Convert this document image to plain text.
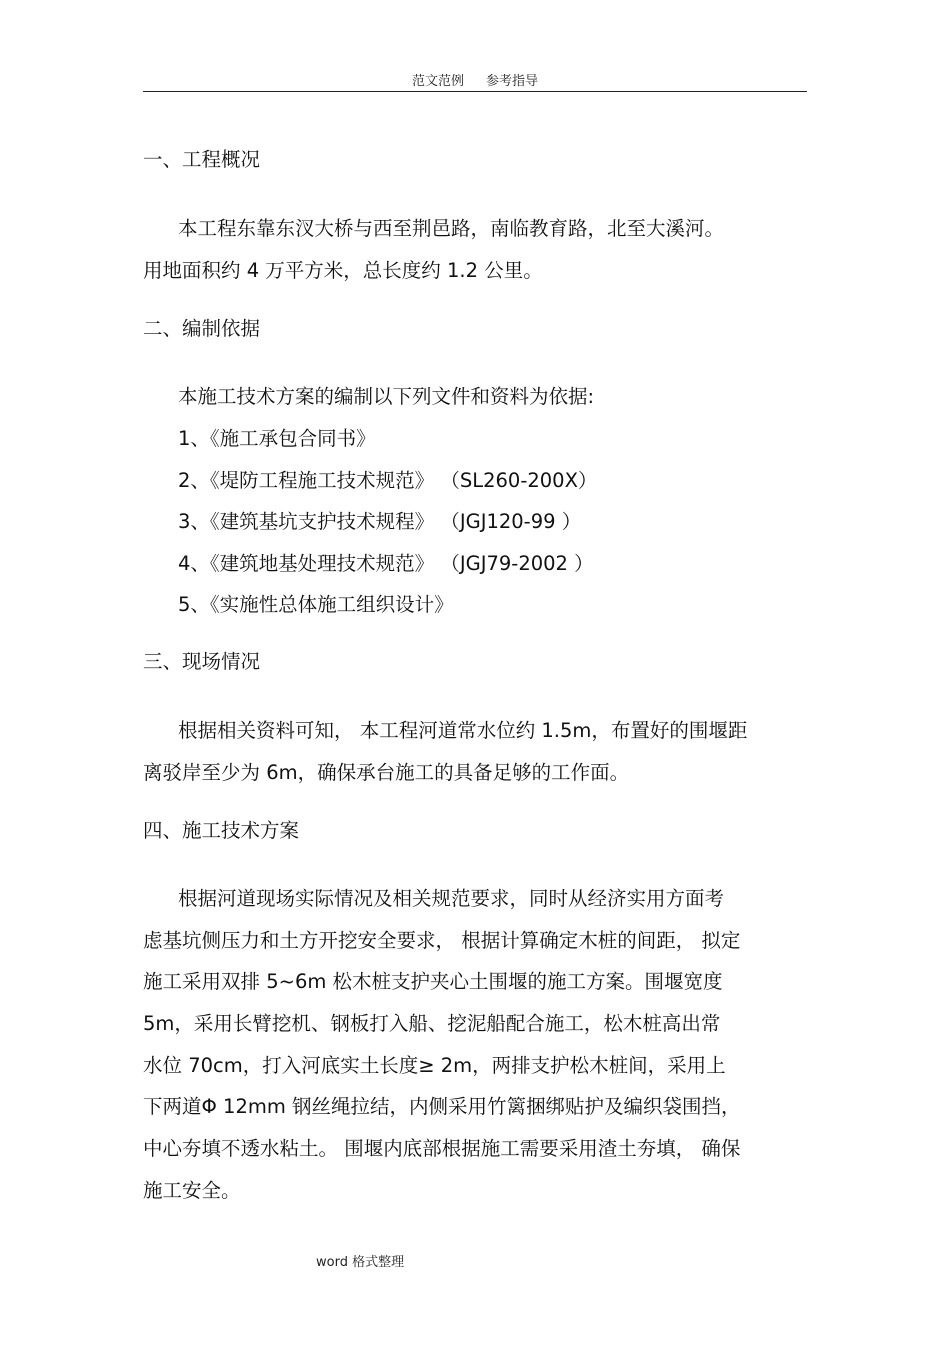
范文范例 参考指导
一、工程概况
本工程东靠东汊大桥与西至荆邑路，南临教育路，北至大溪河。
用地面积约 4 万平方米，总长度约 1.2 公里。
二、编制依据
本施工技术方案的编制以下列文件和资料为依据:
1、《施工承包合同书》
2、《堤防工程施工技术规范》 （SL260-200X）
3、《建筑基坑支护技术规程》 （JGJ120-99 ）
4、《建筑地基处理技术规范》 （JGJ79-2002 ）
5、《实施性总体施工组织设计》
三、现场情况
根据相关资料可知， 本工程河道常水位约 1.5m，布置好的围堰距
离驳岸至少为 6m，确保承台施工的具备足够的工作面。
四、施工技术方案
根据河道现场实际情况及相关规范要求，同时从经济实用方面考
虑基坑侧压力和土方开挖安全要求， 根据计算确定木桩的间距， 拟定
施工采用双排 5~6m 松木桩支护夹心土围堰的施工方案。围堰宽度
5m，采用长臂挖机、钢板打入船、挖泥船配合施工，松木桩高出常
水位 70cm，打入河底实土长度≥ 2m，两排支护松木桩间，采用上
下两道Φ 12mm 钢丝绳拉结，内侧采用竹篱捆绑贴护及编织袋围挡，
中心夯填不透水粘土。 围堰内底部根据施工需要采用渣土夯填， 确保
施工安全。
word 格式整理
